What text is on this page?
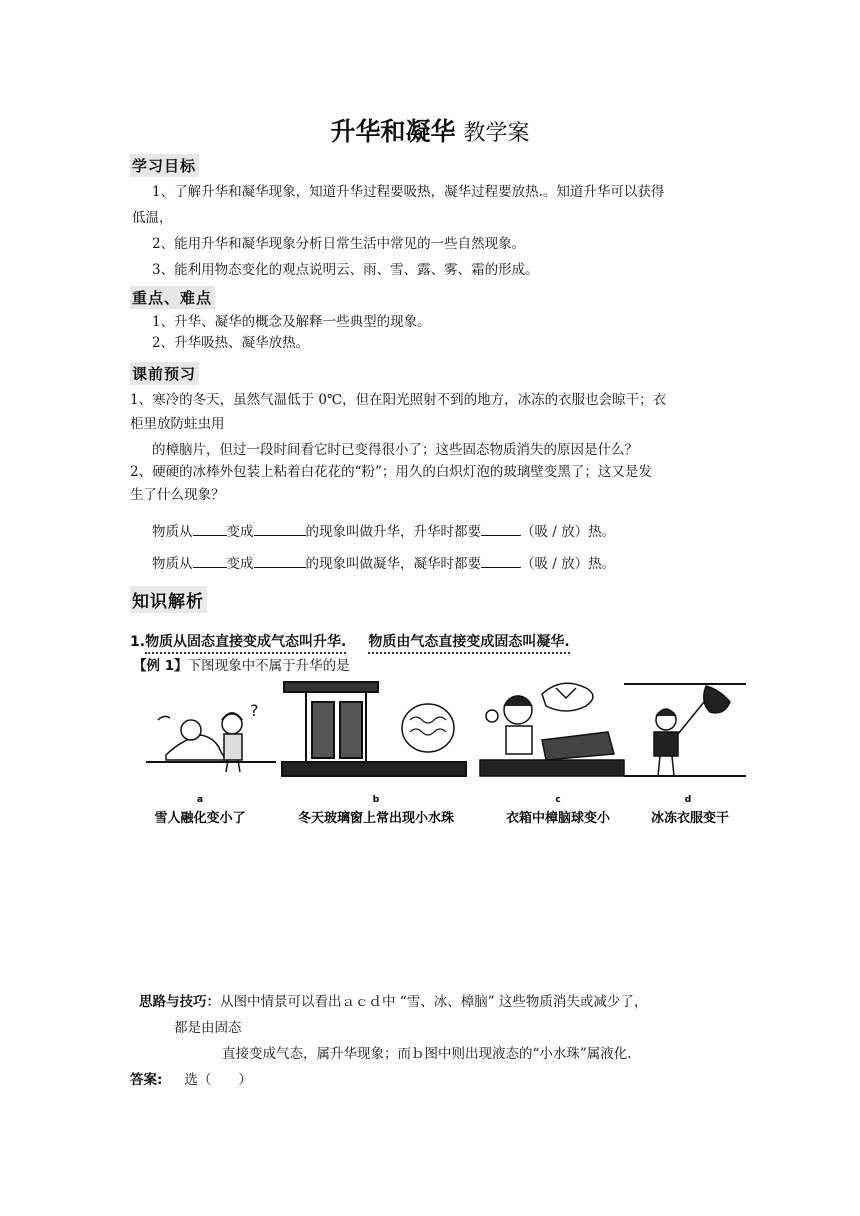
升华和凝华 教学案
学习目标
1、了解升华和凝华现象，知道升华过程要吸热，凝华过程要放热.。知道升华可以获得
低温，
2、能用升华和凝华现象分析日常生活中常见的一些自然现象。
3、能利用物态变化的观点说明云、雨、雪、露、雾、霜的形成。
重点、难点
1、升华、凝华的概念及解释一些典型的现象。
2、升华吸热、凝华放热。
课前预习
1、寒冷的冬天，虽然气温低于 0℃，但在阳光照射不到的地方，冰冻的衣服也会晾干；衣
柜里放防蛀虫用
的樟脑片，但过一段时间看它时已变得很小了；这些固态物质消失的原因是什么？
2、硬硬的冰棒外包装上粘着白花花的“粉”；用久的白炽灯泡的玻璃壁变黑了；这又是发
生了什么现象？
物质从	变成	的现象叫做升华，升华时都要	（吸 / 放）热。
物质从	变成	的现象叫做凝华，凝华时都要	（吸 / 放）热。
知识解析
1.物质从固态直接变成气态叫升华. 物质由气态直接变成固态叫凝华.
【例 1】下图现象中不属于升华的是
?
a	b	c	d
雪人融化变小了	冬天玻璃窗上常出现小水珠	衣箱中樟脑球变小	冰冻衣服变干
思路与技巧：从图中情景可以看出ａｃｄ中 “雪、冰、樟脑” 这些物质消失或减少了，
都是由固态
直接变成气态，属升华现象；而ｂ图中则出现液态的“小水珠”属液化.
答案: 选（　　）
